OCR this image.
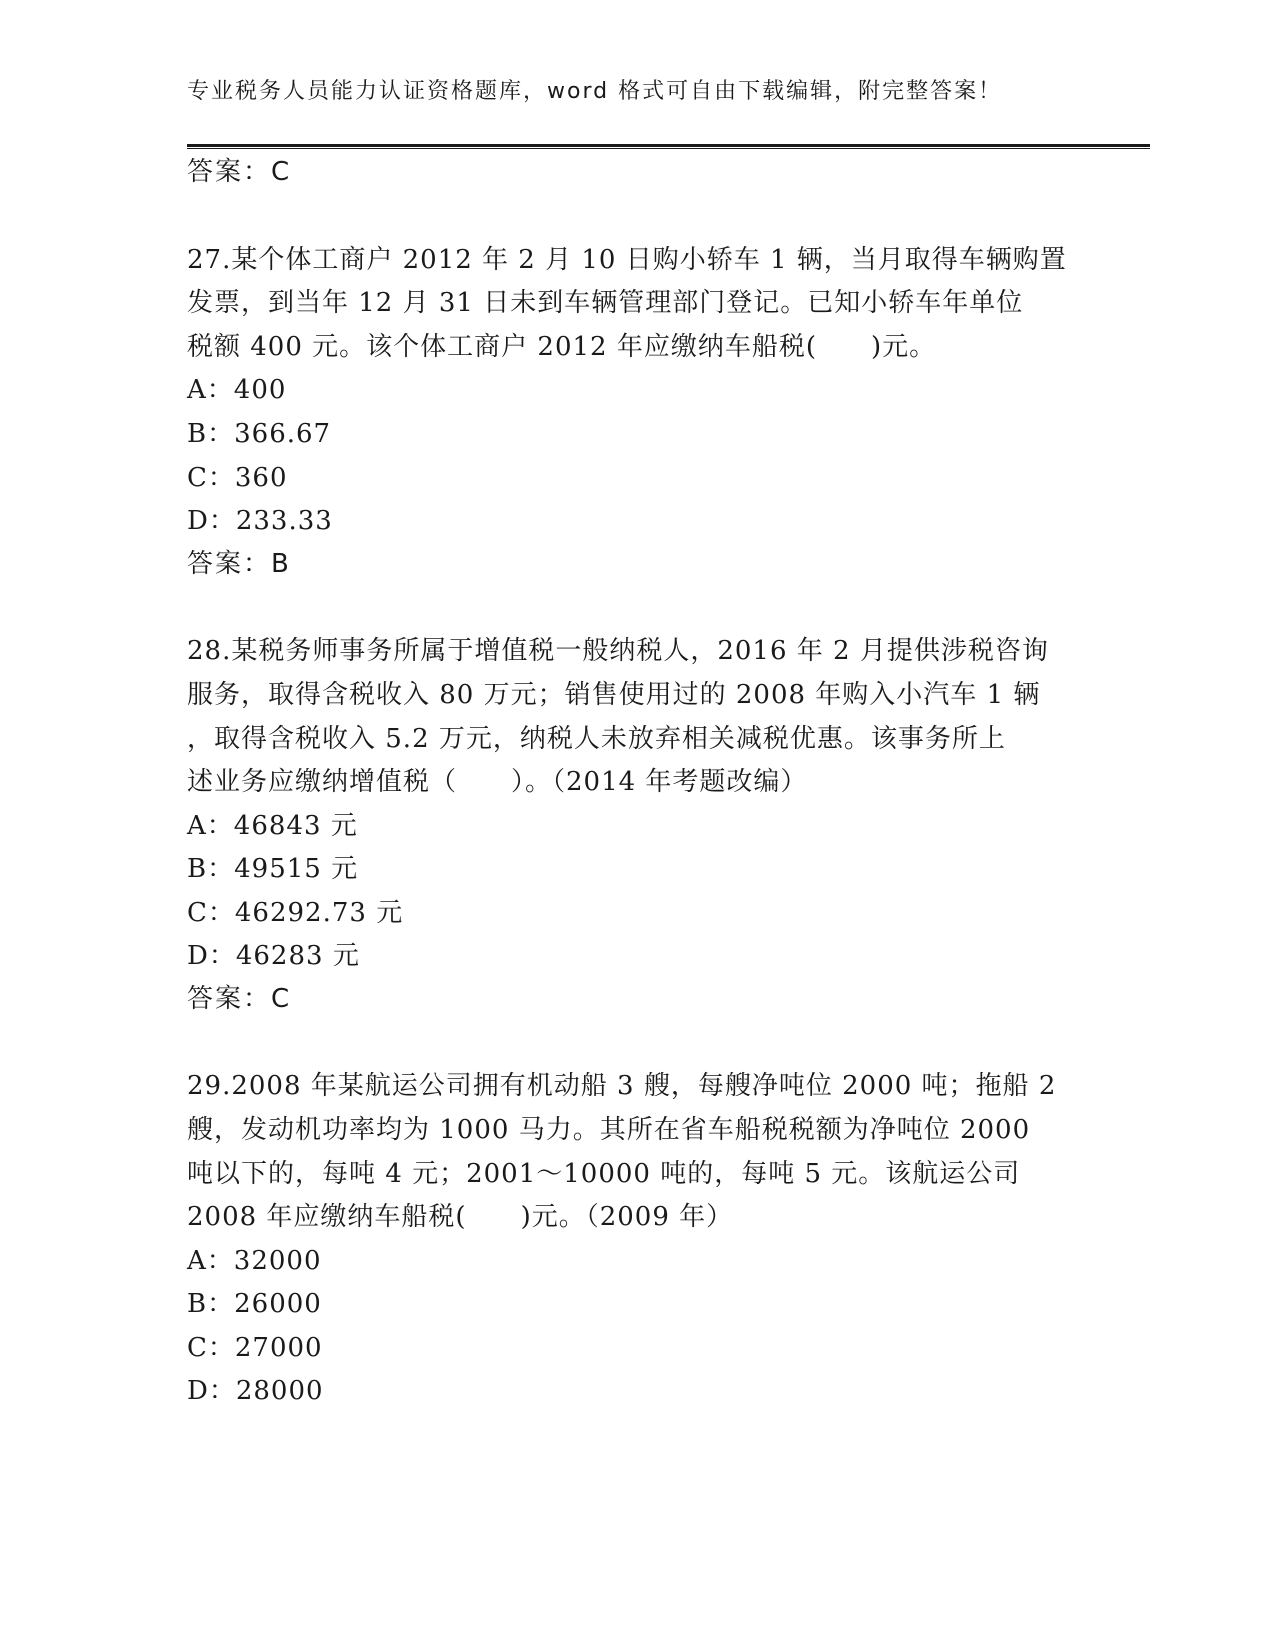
专业税务人员能力认证资格题库，word 格式可自由下载编辑，附完整答案！
答案：C
27.某个体工商户 2012 年 2 月 10 日购小轿车 1 辆，当月取得车辆购置
发票，到当年 12 月 31 日未到车辆管理部门登记。已知小轿车年单位
税额 400 元。该个体工商户 2012 年应缴纳车船税(　　)元。
A：400
B：366.67
C：360
D：233.33
答案：B
28.某税务师事务所属于增值税一般纳税人，2016 年 2 月提供涉税咨询
服务，取得含税收入 80 万元；销售使用过的 2008 年购入小汽车 1 辆
，取得含税收入 5.2 万元，纳税人未放弃相关减税优惠。该事务所上
述业务应缴纳增值税（　　）。（2014 年考题改编）
A：46843 元
B：49515 元
C：46292.73 元
D：46283 元
答案：C
29.2008 年某航运公司拥有机动船 3 艘，每艘净吨位 2000 吨；拖船 2
艘，发动机功率均为 1000 马力。其所在省车船税税额为净吨位 2000
吨以下的，每吨 4 元；2001～10000 吨的，每吨 5 元。该航运公司
2008 年应缴纳车船税(　　)元。（2009 年）
A：32000
B：26000
C：27000
D：28000
